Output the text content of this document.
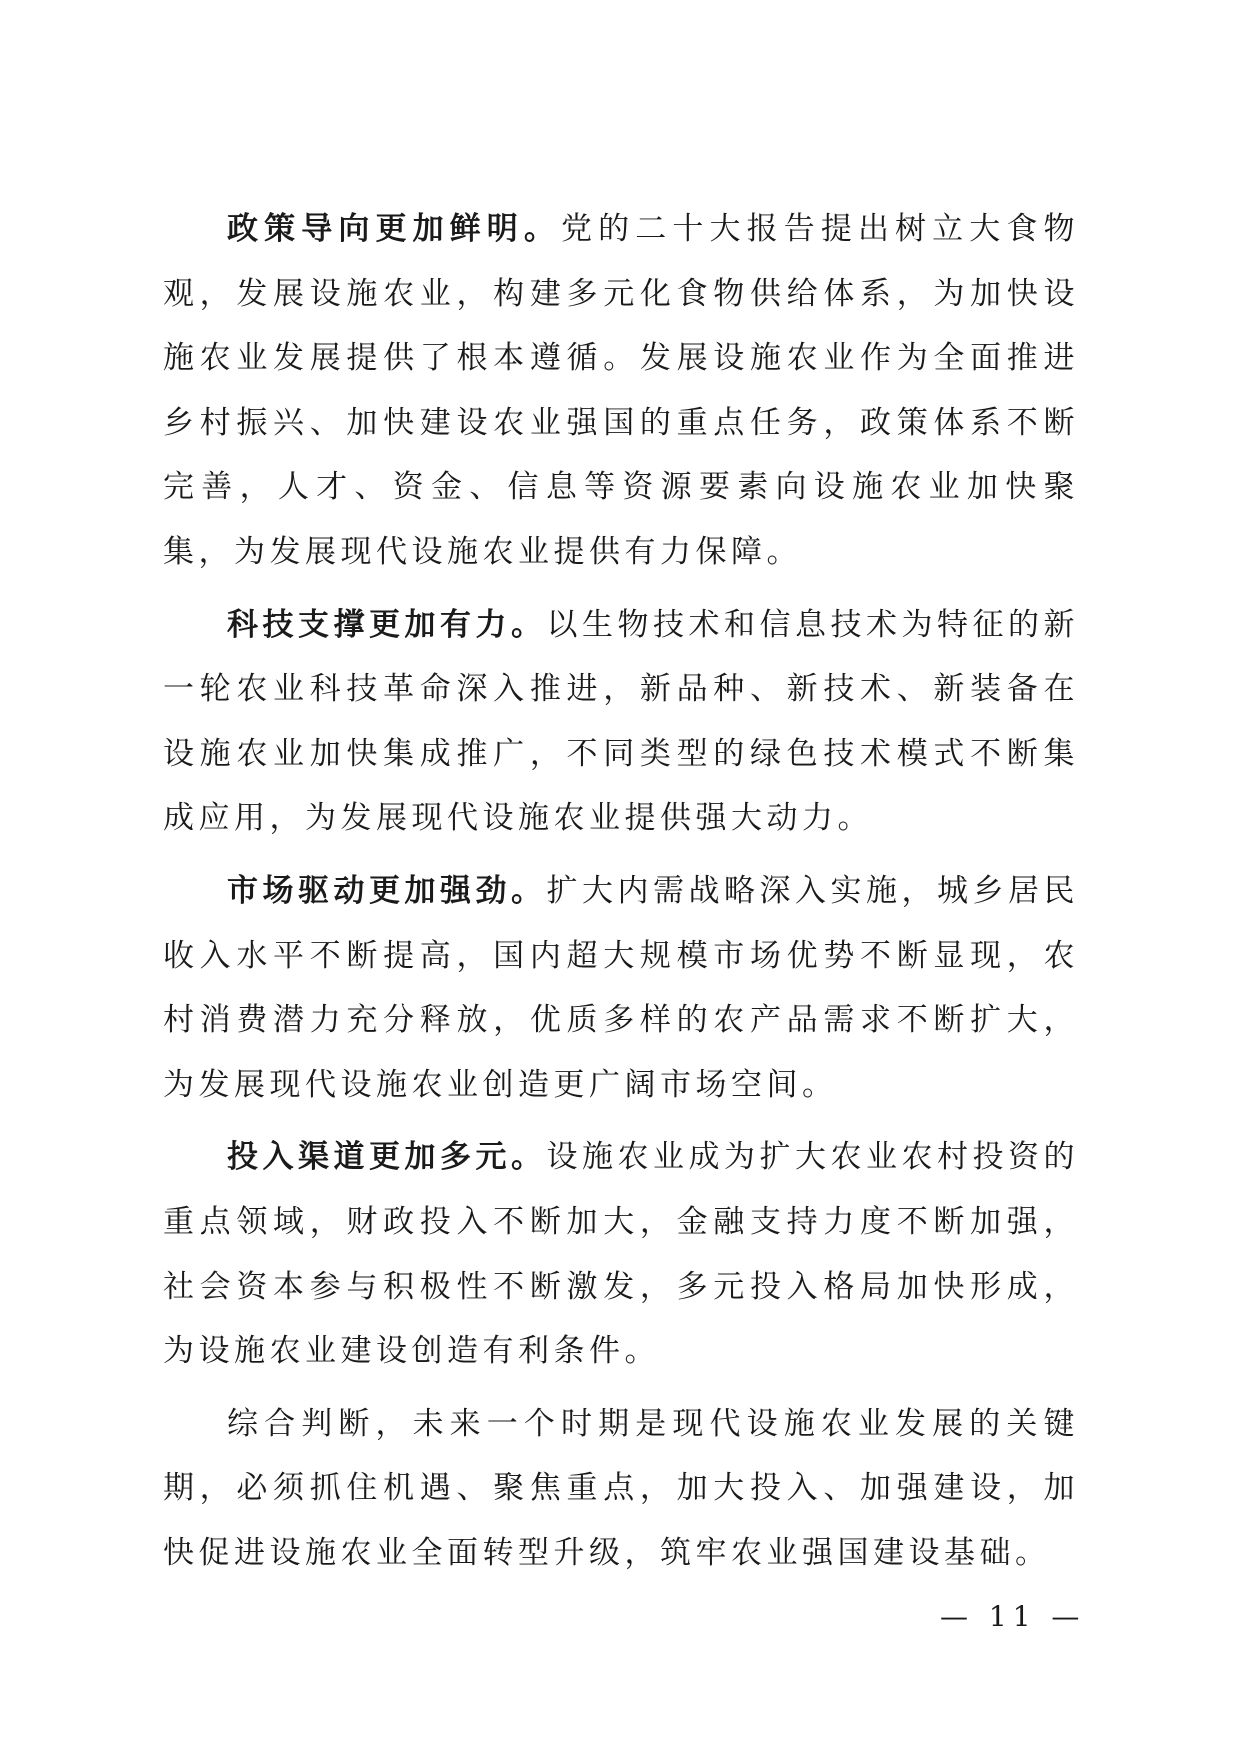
政策导向更加鲜明。党的二十大报告提出树立大食物观，发展设施农业，构建多元化食物供给体系，为加快设施农业发展提供了根本遵循。发展设施农业作为全面推进乡村振兴、加快建设农业强国的重点任务，政策体系不断完善，人才、资金、信息等资源要素向设施农业加快聚集，为发展现代设施农业提供有力保障。

科技支撑更加有力。以生物技术和信息技术为特征的新一轮农业科技革命深入推进，新品种、新技术、新装备在设施农业加快集成推广，不同类型的绿色技术模式不断集成应用，为发展现代设施农业提供强大动力。

市场驱动更加强劲。扩大内需战略深入实施，城乡居民收入水平不断提高，国内超大规模市场优势不断显现，农村消费潜力充分释放，优质多样的农产品需求不断扩大，为发展现代设施农业创造更广阔市场空间。

投入渠道更加多元。设施农业成为扩大农业农村投资的重点领域，财政投入不断加大，金融支持力度不断加强，社会资本参与积极性不断激发，多元投入格局加快形成，为设施农业建设创造有利条件。

综合判断，未来一个时期是现代设施农业发展的关键期，必须抓住机遇、聚焦重点，加大投入、加强建设，加快促进设施农业全面转型升级，筑牢农业强国建设基础。

— 11 —
